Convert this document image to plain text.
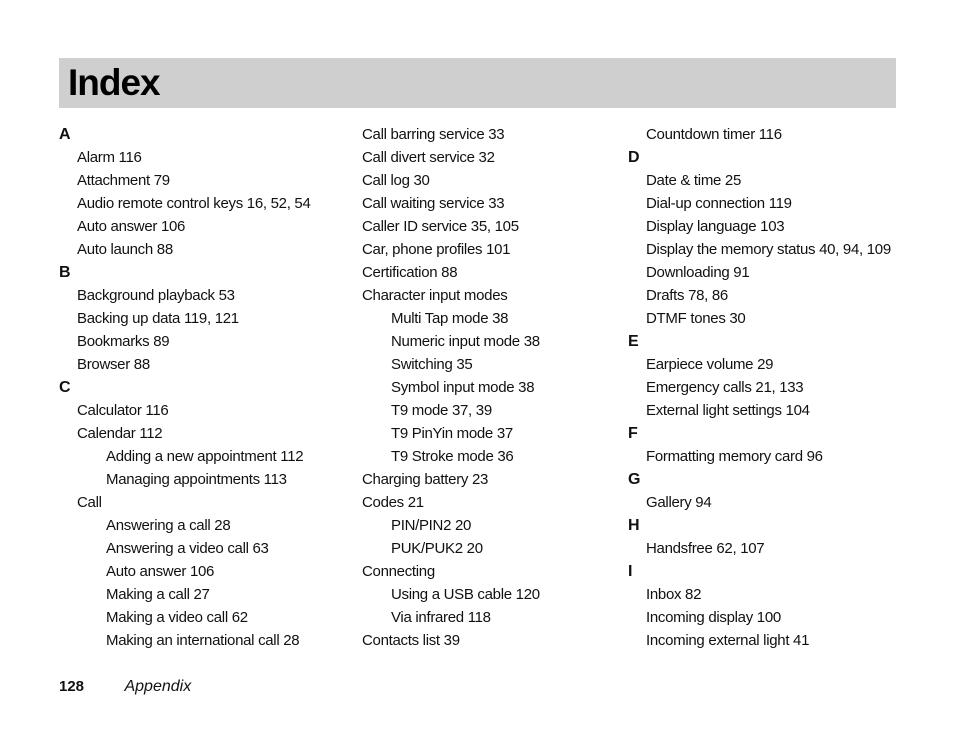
Index
A
Alarm 116
Attachment 79
Audio remote control keys 16, 52, 54
Auto answer 106
Auto launch 88
B
Background playback 53
Backing up data 119, 121
Bookmarks 89
Browser 88
C
Calculator 116
Calendar 112
Adding a new appointment 112
Managing appointments 113
Call
Answering a call 28
Answering a video call 63
Auto answer 106
Making a call 27
Making a video call 62
Making an international call 28
Call barring service 33
Call divert service 32
Call log 30
Call waiting service 33
Caller ID service 35, 105
Car, phone profiles 101
Certification 88
Character input modes
Multi Tap mode 38
Numeric input mode 38
Switching 35
Symbol input mode 38
T9 mode 37, 39
T9 PinYin mode 37
T9 Stroke mode 36
Charging battery 23
Codes 21
PIN/PIN2 20
PUK/PUK2 20
Connecting
Using a USB cable 120
Via infrared 118
Contacts list 39
Countdown timer 116
D
Date & time 25
Dial-up connection 119
Display language 103
Display the memory status 40, 94, 109
Downloading 91
Drafts 78, 86
DTMF tones 30
E
Earpiece volume 29
Emergency calls 21, 133
External light settings 104
F
Formatting memory card 96
G
Gallery 94
H
Handsfree 62, 107
I
Inbox 82
Incoming display 100
Incoming external light 41
128	Appendix
